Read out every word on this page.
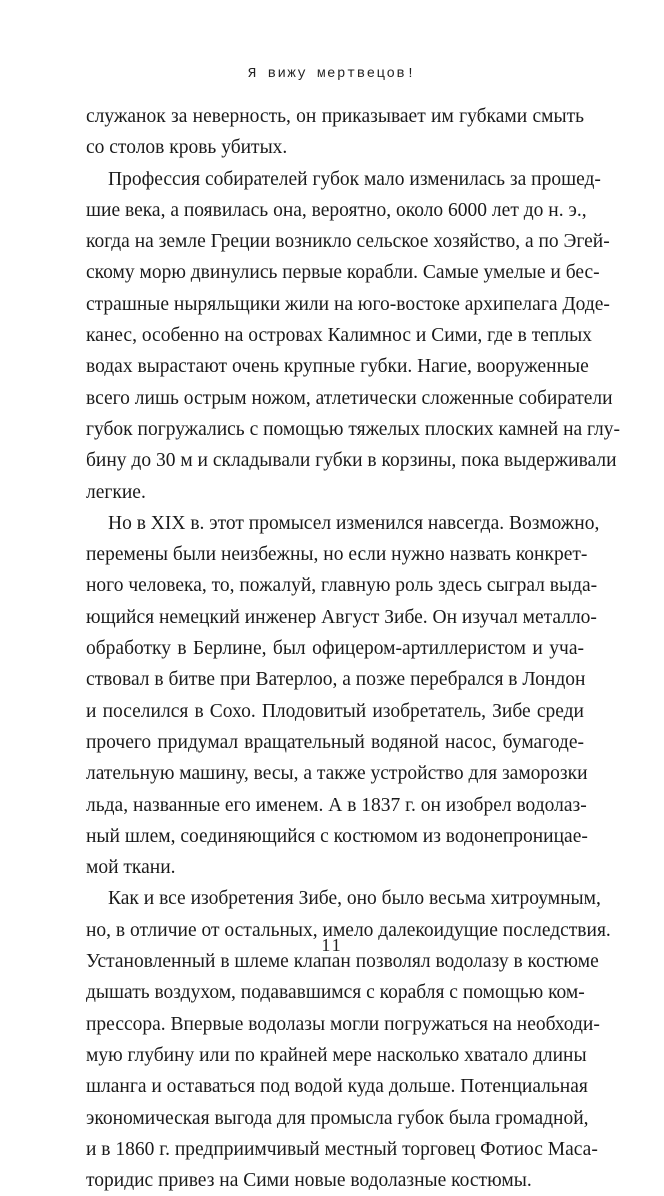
Я вижу мертвецов!
служанок за неверность, он приказывает им губками смыть
со столов кровь убитых.
Профессия собирателей губок мало изменилась за прошед-
шие века, а появилась она, вероятно, около 6000 лет до н. э.,
когда на земле Греции возникло сельское хозяйство, а по Эгей-
скому морю двинулись первые корабли. Самые умелые и бес-
страшные ныряльщики жили на юго-востоке архипелага Доде-
канес, особенно на островах Калимнос и Сими, где в теплых
водах вырастают очень крупные губки. Нагие, вооруженные
всего лишь острым ножом, атлетически сложенные собиратели
губок погружались с помощью тяжелых плоских камней на глу-
бину до 30 м и складывали губки в корзины, пока выдерживали
легкие.
Но в XIX в. этот промысел изменился навсегда. Возможно,
перемены были неизбежны, но если нужно назвать конкрет-
ного человека, то, пожалуй, главную роль здесь сыграл выда-
ющийся немецкий инженер Август Зибе. Он изучал металло-
обработку в Берлине, был офицером-артиллеристом и уча-
ствовал в битве при Ватерлоо, а позже перебрался в Лондон
и поселился в Сохо. Плодовитый изобретатель, Зибе среди
прочего придумал вращательный водяной насос, бумагоде-
лательную машину, весы, а также устройство для заморозки
льда, названные его именем. А в 1837 г. он изобрел водолаз-
ный шлем, соединяющийся с костюмом из водонепроницае-
мой ткани.
Как и все изобретения Зибе, оно было весьма хитроумным,
но, в отличие от остальных, имело далекоидущие последствия.
Установленный в шлеме клапан позволял водолазу в костюме
дышать воздухом, подававшимся с корабля с помощью ком-
прессора. Впервые водолазы могли погружаться на необходи-
мую глубину или по крайней мере насколько хватало длины
шланга и оставаться под водой куда дольше. Потенциальная
экономическая выгода для промысла губок была громадной,
и в 1860 г. предприимчивый местный торговец Фотиос Маса-
торидис привез на Сими новые водолазные костюмы.
11
